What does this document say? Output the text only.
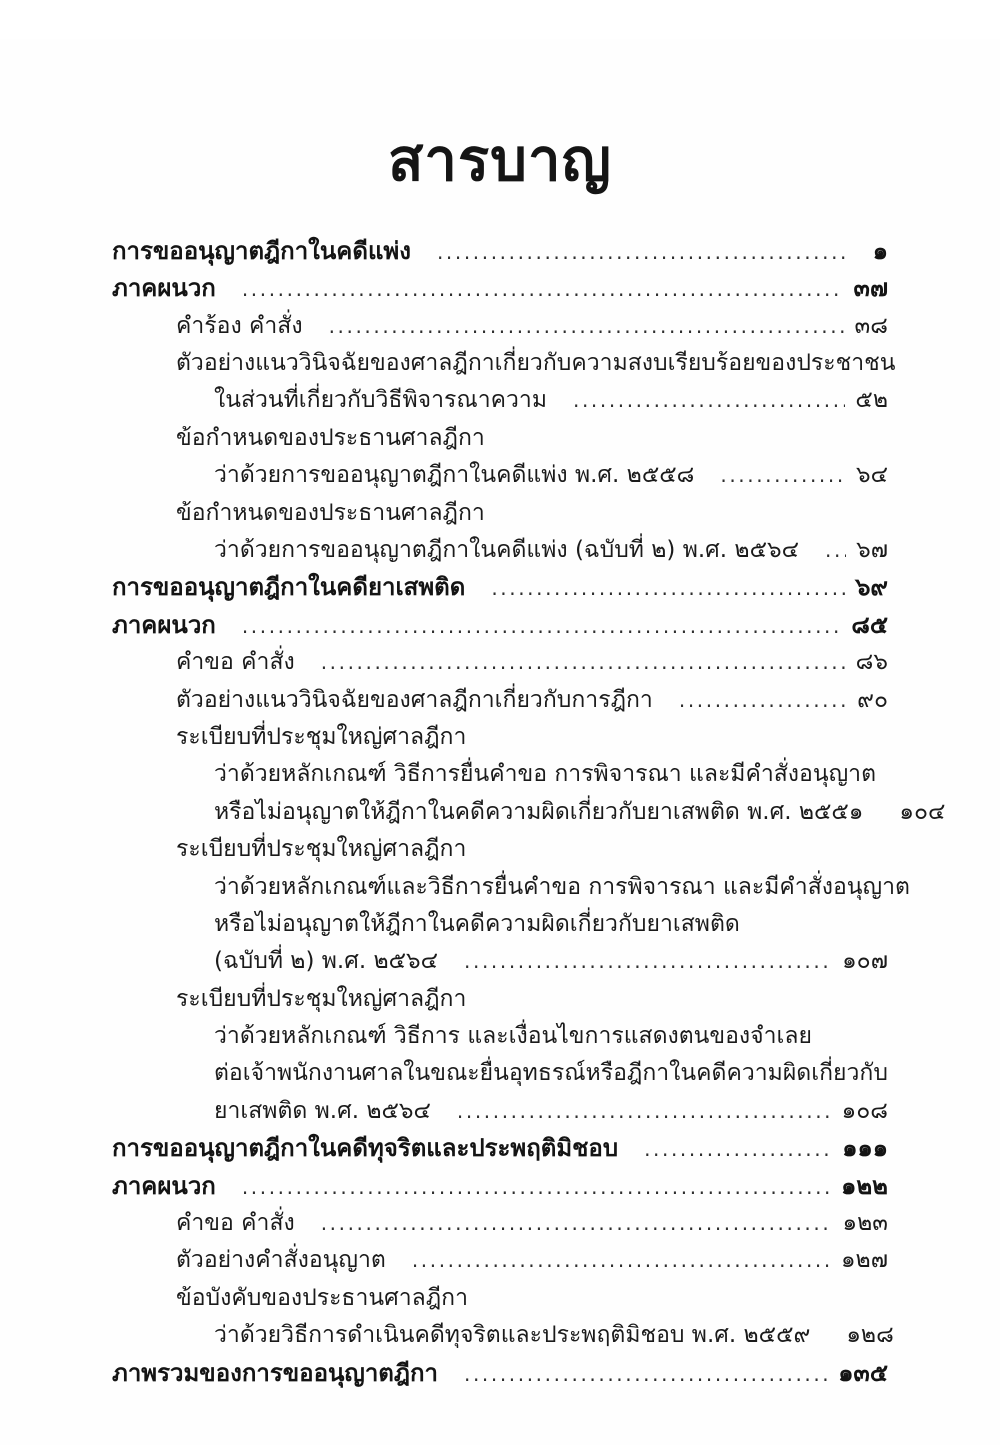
สารบาญ
การขออนุญาตฎีกาในคดีแพ่ง .....	๑
ภาคผนวก .....	๓๗
คำร้อง คำสั่ง .....	๓๘
ตัวอย่างแนววินิจฉัยของศาลฎีกาเกี่ยวกับความสงบเรียบร้อยของประชาชน
ในส่วนที่เกี่ยวกับวิธีพิจารณาความ .....	๕๒
ข้อกำหนดของประธานศาลฎีกา
ว่าด้วยการขออนุญาตฎีกาในคดีแพ่ง พ.ศ. ๒๕๕๘ .....	๖๔
ข้อกำหนดของประธานศาลฎีกา
ว่าด้วยการขออนุญาตฎีกาในคดีแพ่ง (ฉบับที่ ๒) พ.ศ. ๒๕๖๔ ..... ๖๗
การขออนุญาตฎีกาในคดียาเสพติด .....	๖๙
ภาคผนวก .....	๘๕
คำขอ คำสั่ง .....	๘๖
ตัวอย่างแนววินิจฉัยของศาลฎีกาเกี่ยวกับการฎีกา .....	๙๐
ระเบียบที่ประชุมใหญ่ศาลฎีกา
ว่าด้วยหลักเกณฑ์ วิธีการยื่นคำขอ การพิจารณา และมีคำสั่งอนุญาต
หรือไม่อนุญาตให้ฎีกาในคดีความผิดเกี่ยวกับยาเสพติด พ.ศ. ๒๕๕๑ ๑๐๔
ระเบียบที่ประชุมใหญ่ศาลฎีกา
ว่าด้วยหลักเกณฑ์และวิธีการยื่นคำขอ การพิจารณา และมีคำสั่งอนุญาต
หรือไม่อนุญาตให้ฎีกาในคดีความผิดเกี่ยวกับยาเสพติด
(ฉบับที่ ๒) พ.ศ. ๒๕๖๔ .....	๑๐๗
ระเบียบที่ประชุมใหญ่ศาลฎีกา
ว่าด้วยหลักเกณฑ์ วิธีการ และเงื่อนไขการแสดงตนของจำเลย
ต่อเจ้าพนักงานศาลในขณะยื่นอุทธรณ์หรือฎีกาในคดีความผิดเกี่ยวกับ
ยาเสพติด พ.ศ. ๒๕๖๔ .....	๑๐๘
การขออนุญาตฎีกาในคดีทุจริตและประพฤติมิชอบ .....	๑๑๑
ภาคผนวก .....	๑๒๒
คำขอ คำสั่ง .....	๑๒๓
ตัวอย่างคำสั่งอนุญาต .....	๑๒๗
ข้อบังคับของประธานศาลฎีกา
ว่าด้วยวิธีการดำเนินคดีทุจริตและประพฤติมิชอบ พ.ศ. ๒๕๕๙ ๑๒๘
ภาพรวมของการขออนุญาตฎีกา .....	๑๓๕
